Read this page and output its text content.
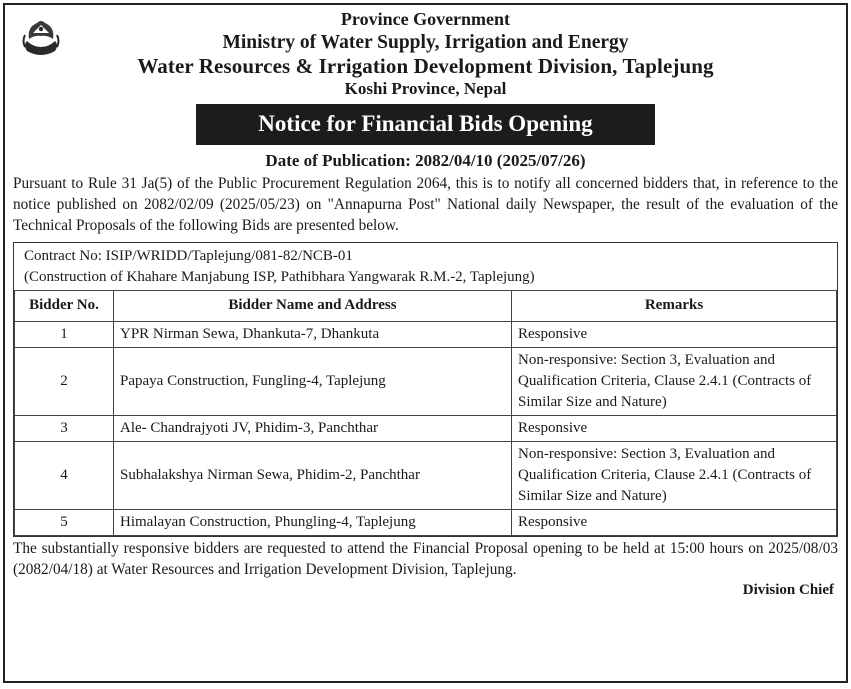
Province Government
Ministry of Water Supply, Irrigation and Energy
Water Resources & Irrigation Development Division, Taplejung
Koshi Province, Nepal
Notice for Financial Bids Opening
Date of Publication: 2082/04/10 (2025/07/26)
Pursuant to Rule 31 Ja(5) of the Public Procurement Regulation 2064, this is to notify all concerned bidders that, in reference to the notice published on 2082/02/09 (2025/05/23) on "Annapurna Post" National daily Newspaper, the result of the evaluation of the Technical Proposals of the following Bids are presented below.
Contract No: ISIP/WRIDD/Taplejung/081-82/NCB-01
(Construction of Khahare Manjabung ISP, Pathibhara Yangwarak R.M.-2, Taplejung)
Bidder No.	Bidder Name and Address	Remarks
1	YPR Nirman Sewa, Dhankuta-7, Dhankuta	Responsive
2	Papaya Construction, Fungling-4, Taplejung	Non-responsive: Section 3, Evaluation and Qualification Criteria, Clause 2.4.1 (Contracts of Similar Size and Nature)
3	Ale- Chandrajyoti JV, Phidim-3, Panchthar	Responsive
4	Subhalakshya Nirman Sewa, Phidim-2, Panchthar	Non-responsive: Section 3, Evaluation and Qualification Criteria, Clause 2.4.1 (Contracts of Similar Size and Nature)
5	Himalayan Construction, Phungling-4, Taplejung	Responsive
The substantially responsive bidders are requested to attend the Financial Proposal opening to be held at 15:00 hours on 2025/08/03 (2082/04/18) at Water Resources and Irrigation Development Division, Taplejung.
Division Chief
